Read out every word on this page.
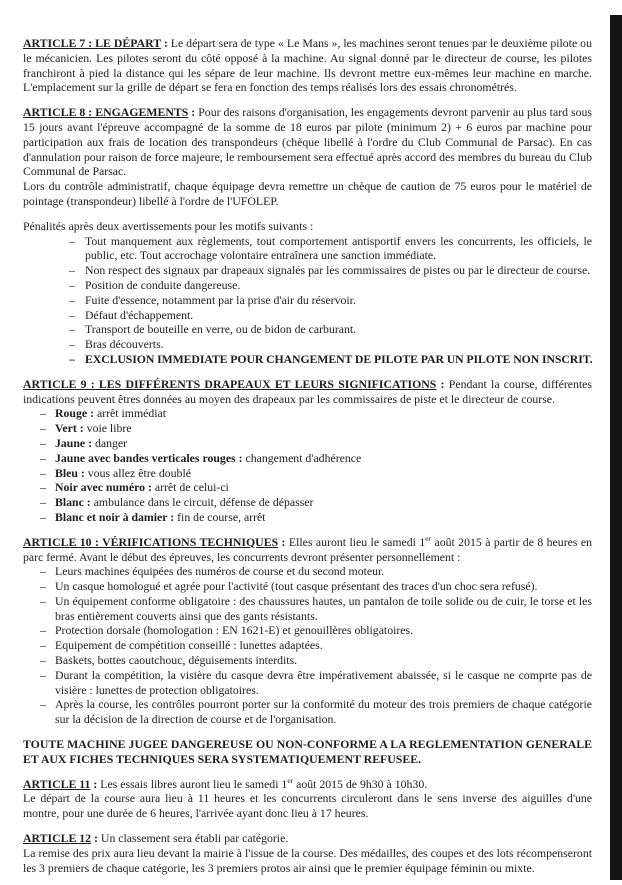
ARTICLE 7 : LE DÉPART : Le départ sera de type « Le Mans », les machines seront tenues par le deuxième pilote ou le mécanicien. Les pilotes seront du côté opposé à la machine. Au signal donné par le directeur de course, les pilotes franchiront à pied la distance qui les sépare de leur machine. Ils devront mettre eux-mêmes leur machine en marche. L'emplacement sur la grille de départ se fera en fonction des temps réalisés lors des essais chronométrés.
ARTICLE 8 : ENGAGEMENTS : Pour des raisons d'organisation, les engagements devront parvenir au plus tard sous 15 jours avant l'épreuve accompagné de la somme de 18 euros par pilote (minimum 2) + 6 euros par machine pour participation aux frais de location des transpondeurs (chèque libellé à l'ordre du Club Communal de Parsac). En cas d'annulation pour raison de force majeure, le remboursement sera effectué après accord des membres du bureau du Club Communal de Parsac.
Lors du contrôle administratif, chaque équipage devra remettre un chèque de caution de 75 euros pour le matériel de pointage (transpondeur) libellé à l'ordre de l'UFOLEP.
Pénalités après deux avertissements pour les motifs suivants :
– Tout manquement aux règlements, tout comportement antisportif envers les concurrents, les officiels, le public, etc. Tout accrochage volontaire entraînera une sanction immédiate.
– Non respect des signaux par drapeaux signalés par les commissaires de pistes ou par le directeur de course.
– Position de conduite dangereuse.
– Fuite d'essence, notamment par la prise d'air du réservoir.
– Défaut d'échappement.
– Transport de bouteille en verre, ou de bidon de carburant.
– Bras découverts.
– EXCLUSION IMMEDIATE POUR CHANGEMENT DE PILOTE PAR UN PILOTE NON INSCRIT.
ARTICLE 9 : LES DIFFÉRENTS DRAPEAUX ET LEURS SIGNIFICATIONS : Pendant la course, différentes indications peuvent êtres données au moyen des drapeaux par les commissaires de piste et le directeur de course.
– Rouge : arrêt immédiat
– Vert : voie libre
– Jaune : danger
– Jaune avec bandes verticales rouges : changement d'adhérence
– Bleu : vous allez être doublé
– Noir avec numéro : arrêt de celui-ci
– Blanc : ambulance dans le circuit, défense de dépasser
– Blanc et noir à damier : fin de course, arrêt
ARTICLE 10 : VÉRIFICATIONS TECHNIQUES : Elles auront lieu le samedi 1er août 2015 à partir de 8 heures en parc fermé. Avant le début des épreuves, les concurrents devront présenter personnellement :
– Leurs machines équipées des numéros de course et du second moteur.
– Un casque homologué et agrée pour l'activité (tout casque présentant des traces d'un choc sera refusé).
– Un équipement conforme obligatoire : des chaussures hautes, un pantalon de toile solide ou de cuir, le torse et les bras entièrement couverts ainsi que des gants résistants.
– Protection dorsale (homologation : EN 1621-E) et genouillères obligatoires.
– Equipement de compétition conseillé : lunettes adaptées.
– Baskets, bottes caoutchouc, déguisements interdits.
– Durant la compétition, la visière du casque devra être impérativement abaissée, si le casque ne comprte pas de visière : lunettes de protection obligatoires.
– Après la course, les contrôles pourront porter sur la conformité du moteur des trois premiers de chaque catégorie sur la décision de la direction de course et de l'organisation.
TOUTE MACHINE JUGEE DANGEREUSE OU NON-CONFORME A LA REGLEMENTATION GENERALE ET AUX FICHES TECHNIQUES SERA SYSTEMATIQUEMENT REFUSEE.
ARTICLE 11 : Les essais libres auront lieu le samedi 1er août 2015 de 9h30 à 10h30.
Le départ de la course aura lieu à 11 heures et les concurrents circuleront dans le sens inverse des aiguilles d'une montre, pour une durée de 6 heures, l'arrivée ayant donc lieu à 17 heures.
ARTICLE 12 : Un classement sera établi par catégorie.
La remise des prix aura lieu devant la mairie à l'issue de la course. Des médailles, des coupes et des lots récompenseront les 3 premiers de chaque catégorie, les 3 premiers protos air ainsi que le premier équipage féminin ou mixte.
